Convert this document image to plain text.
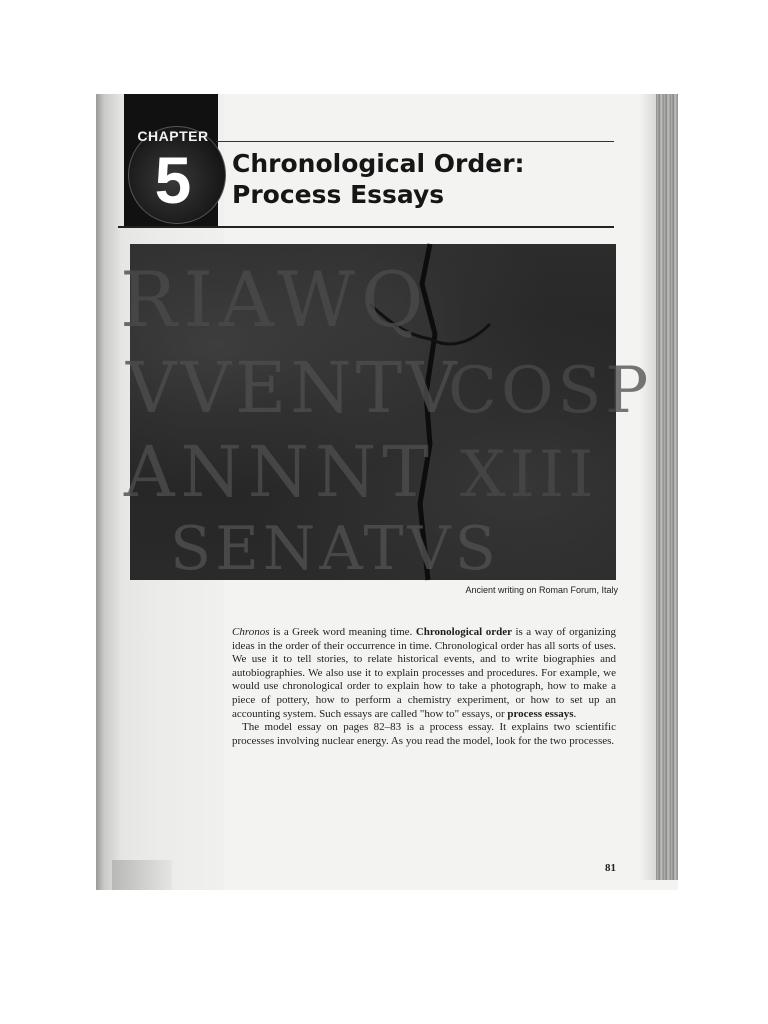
CHAPTER
5	Chronological Order:
Process Essays
RIAWQ
VVENTV
ANNNT
SENATVS
COSP
XIII
Ancient writing on Roman Forum, Italy

Chronos is a Greek word meaning time. Chronological order is a way of organizing ideas in the order of their occurrence in time. Chronological order has all sorts of uses. We use it to tell stories, to relate historical events, and to write biographies and autobiographies. We also use it to explain processes and procedures. For example, we would use chronological order to explain how to take a photograph, how to make a piece of pottery, how to perform a chemistry experiment, or how to set up an accounting system. Such essays are called "how to" essays, or process essays.

The model essay on pages 82–83 is a process essay. It explains two scientific processes involving nuclear energy. As you read the model, look for the two processes.

81
